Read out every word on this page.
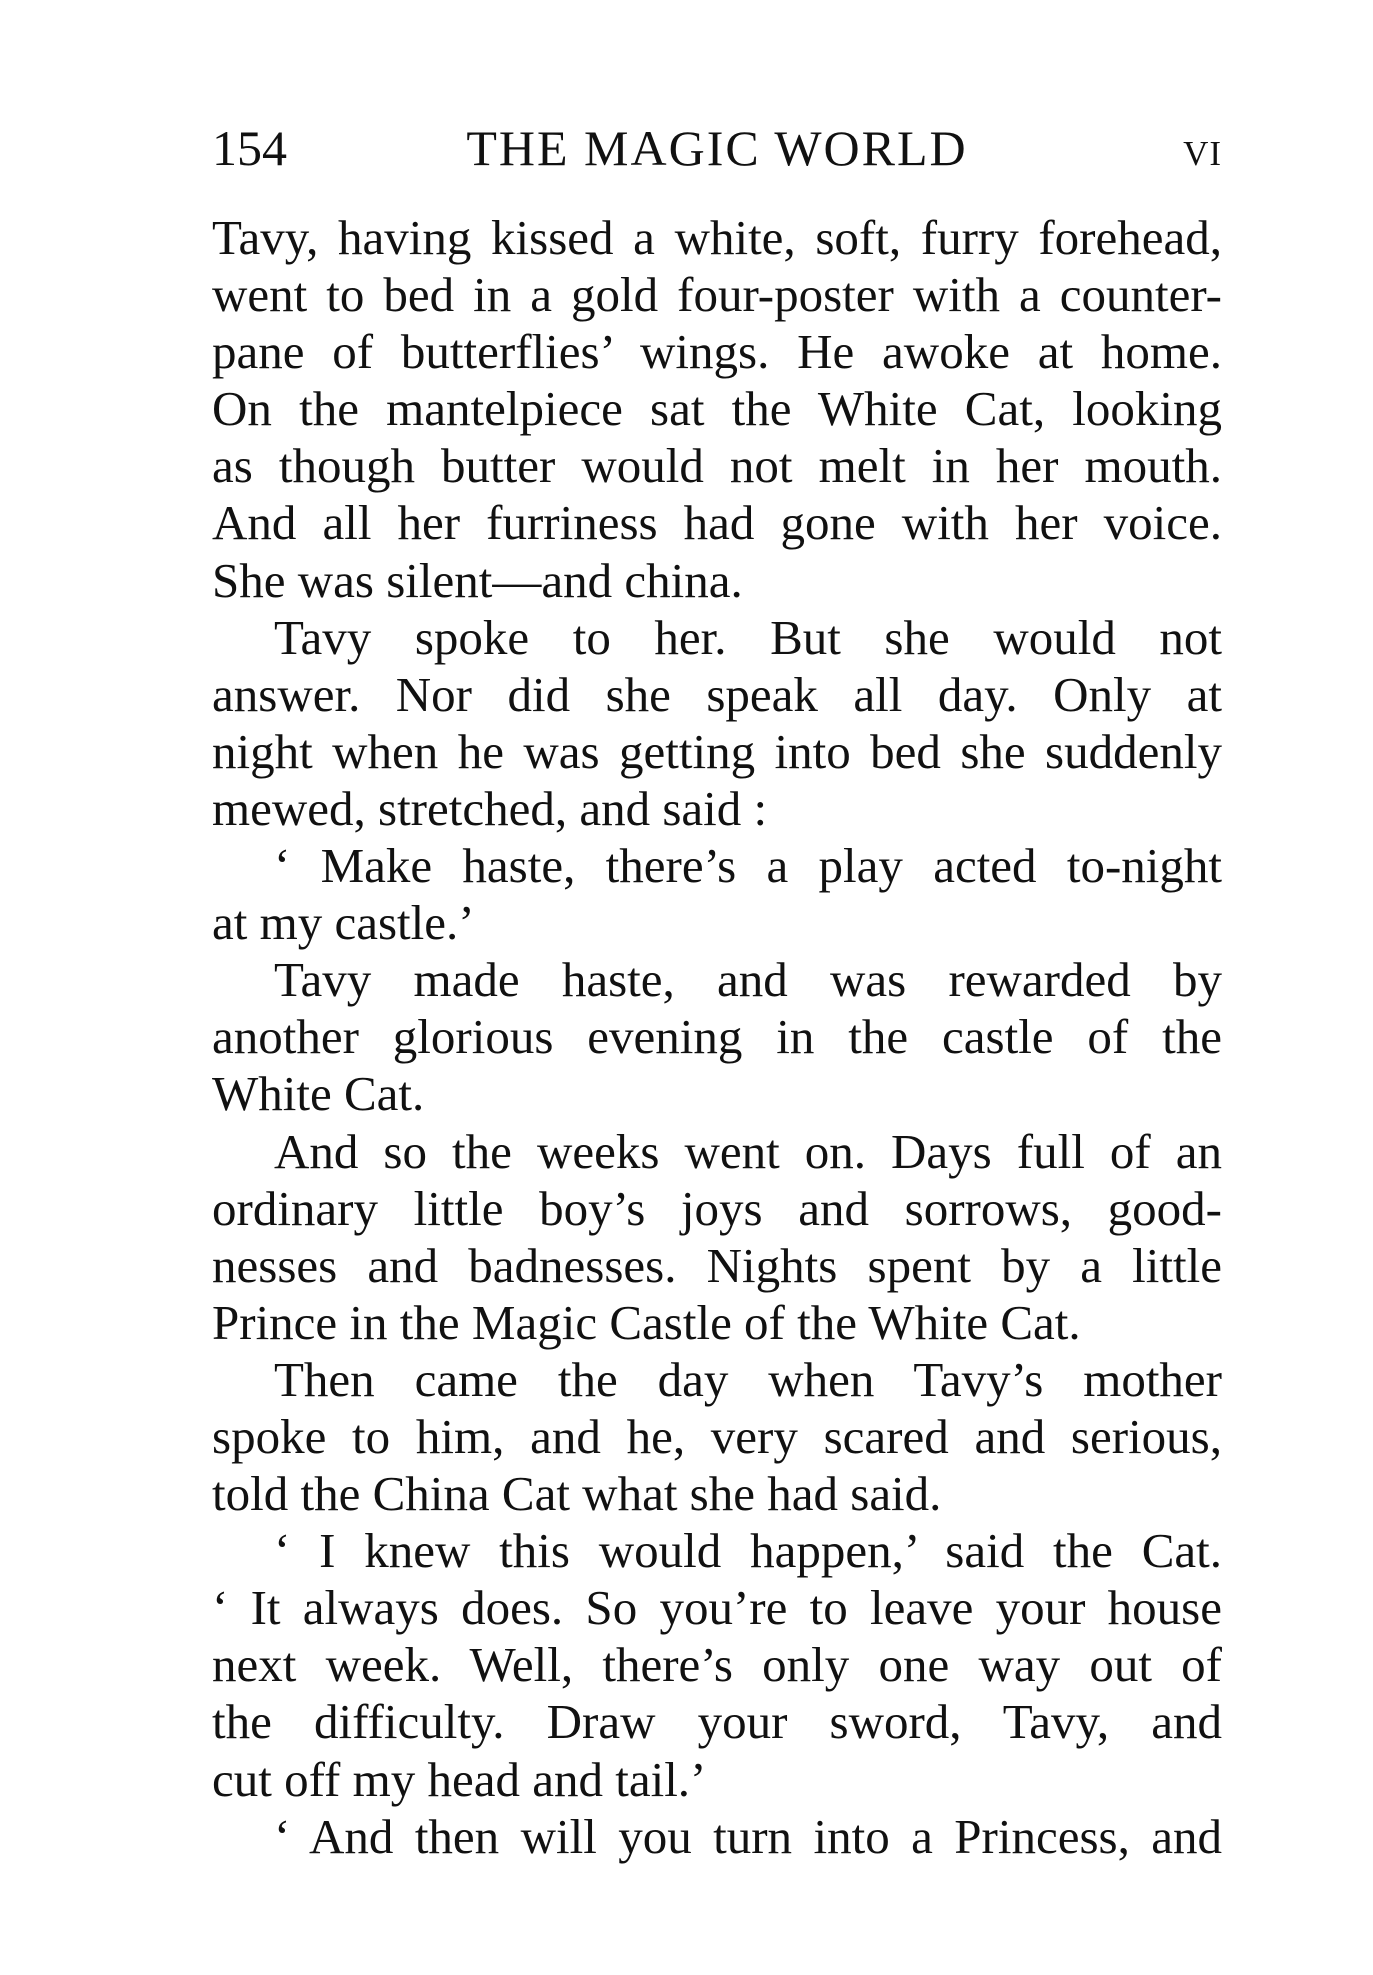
154	THE MAGIC WORLD	vi
Tavy, having kissed a white, soft, furry forehead,
went to bed in a gold four-poster with a counter-
pane of butterflies’ wings. He awoke at home.
On the mantelpiece sat the White Cat, looking
as though butter would not melt in her mouth.
And all her furriness had gone with her voice.
She was silent—and china.
Tavy spoke to her. But she would not
answer. Nor did she speak all day. Only at
night when he was getting into bed she suddenly
mewed, stretched, and said :
‘ Make haste, there’s a play acted to-night
at my castle.’
Tavy made haste, and was rewarded by
another glorious evening in the castle of the
White Cat.
And so the weeks went on. Days full of an
ordinary little boy’s joys and sorrows, good-
nesses and badnesses. Nights spent by a little
Prince in the Magic Castle of the White Cat.
Then came the day when Tavy’s mother
spoke to him, and he, very scared and serious,
told the China Cat what she had said.
‘ I knew this would happen,’ said the Cat.
‘ It always does. So you’re to leave your house
next week. Well, there’s only one way out of
the difficulty. Draw your sword, Tavy, and
cut off my head and tail.’
‘ And then will you turn into a Princess, and
